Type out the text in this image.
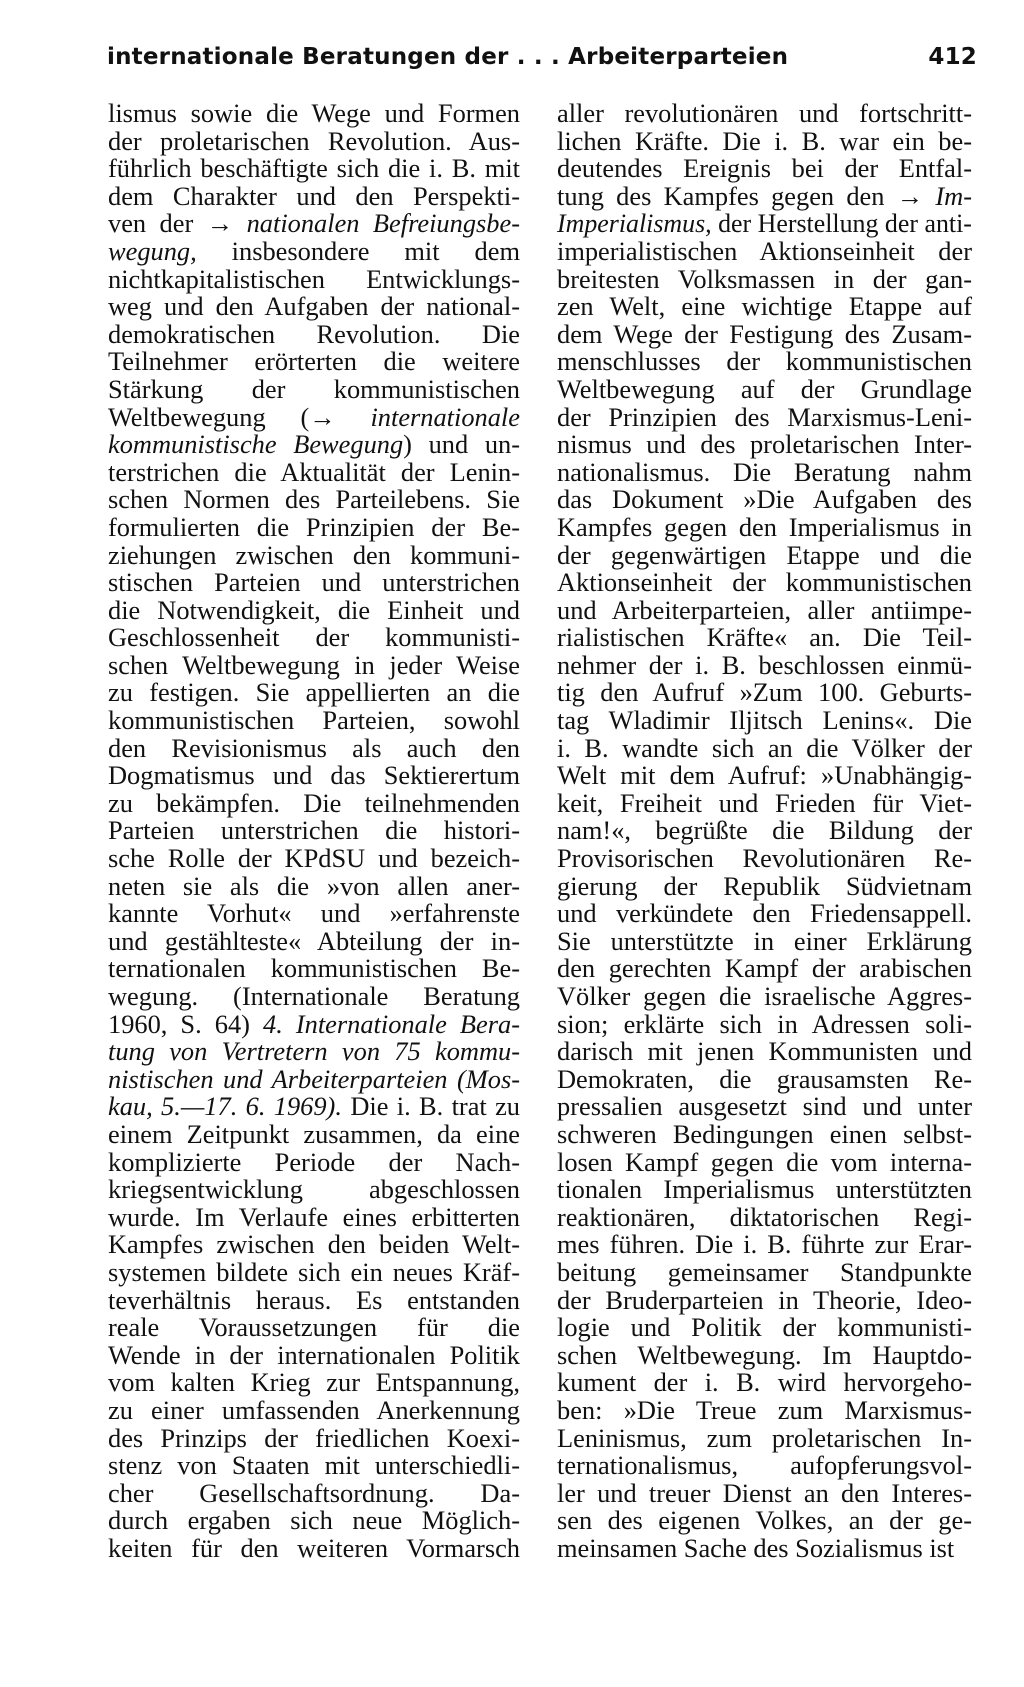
internationale Beratungen der . . . Arbeiterparteien	412
lismus sowie die Wege und Formen
der proletarischen Revolution. Aus-
führlich beschäftigte sich die i. B. mit
dem Charakter und den Perspekti-
ven der → nationalen Befreiungsbe-
wegung, insbesondere mit dem
nichtkapitalistischen Entwicklungs-
weg und den Aufgaben der national-
demokratischen Revolution. Die
Teilnehmer erörterten die weitere
Stärkung der kommunistischen
Weltbewegung (→ internationale
kommunistische Bewegung) und un-
terstrichen die Aktualität der Lenin-
schen Normen des Parteilebens. Sie
formulierten die Prinzipien der Be-
ziehungen zwischen den kommuni-
stischen Parteien und unterstrichen
die Notwendigkeit, die Einheit und
Geschlossenheit der kommunisti-
schen Weltbewegung in jeder Weise
zu festigen. Sie appellierten an die
kommunistischen Parteien, sowohl
den Revisionismus als auch den
Dogmatismus und das Sektierertum
zu bekämpfen. Die teilnehmenden
Parteien unterstrichen die histori-
sche Rolle der KPdSU und bezeich-
neten sie als die »von allen aner-
kannte Vorhut« und »erfahrenste
und gestählteste« Abteilung der in-
ternationalen kommunistischen Be-
wegung. (Internationale Beratung
1960, S. 64) 4. Internationale Bera-
tung von Vertretern von 75 kommu-
nistischen und Arbeiterparteien (Mos-
kau, 5.—17. 6. 1969). Die i. B. trat zu
einem Zeitpunkt zusammen, da eine
komplizierte Periode der Nach-
kriegsentwicklung abgeschlossen
wurde. Im Verlaufe eines erbitterten
Kampfes zwischen den beiden Welt-
systemen bildete sich ein neues Kräf-
teverhältnis heraus. Es entstanden
reale Voraussetzungen für die
Wende in der internationalen Politik
vom kalten Krieg zur Entspannung,
zu einer umfassenden Anerkennung
des Prinzips der friedlichen Koexi-
stenz von Staaten mit unterschiedli-
cher Gesellschaftsordnung. Da-
durch ergaben sich neue Möglich-
keiten für den weiteren Vormarsch
aller revolutionären und fortschritt-
lichen Kräfte. Die i. B. war ein be-
deutendes Ereignis bei der Entfal-
tung des Kampfes gegen den → Im-
Imperialismus, der Herstellung der anti-
imperialistischen Aktionseinheit der
breitesten Volksmassen in der gan-
zen Welt, eine wichtige Etappe auf
dem Wege der Festigung des Zusam-
menschlusses der kommunistischen
Weltbewegung auf der Grundlage
der Prinzipien des Marxismus-Leni-
nismus und des proletarischen Inter-
nationalismus. Die Beratung nahm
das Dokument »Die Aufgaben des
Kampfes gegen den Imperialismus in
der gegenwärtigen Etappe und die
Aktionseinheit der kommunistischen
und Arbeiterparteien, aller antiimpe-
rialistischen Kräfte« an. Die Teil-
nehmer der i. B. beschlossen einmü-
tig den Aufruf »Zum 100. Geburts-
tag Wladimir Iljitsch Lenins«. Die
i. B. wandte sich an die Völker der
Welt mit dem Aufruf: »Unabhängig-
keit, Freiheit und Frieden für Viet-
nam!«, begrüßte die Bildung der
Provisorischen Revolutionären Re-
gierung der Republik Südvietnam
und verkündete den Friedensappell.
Sie unterstützte in einer Erklärung
den gerechten Kampf der arabischen
Völker gegen die israelische Aggres-
sion; erklärte sich in Adressen soli-
darisch mit jenen Kommunisten und
Demokraten, die grausamsten Re-
pressalien ausgesetzt sind und unter
schweren Bedingungen einen selbst-
losen Kampf gegen die vom interna-
tionalen Imperialismus unterstützten
reaktionären, diktatorischen Regi-
mes führen. Die i. B. führte zur Erar-
beitung gemeinsamer Standpunkte
der Bruderparteien in Theorie, Ideo-
logie und Politik der kommunisti-
schen Weltbewegung. Im Hauptdo-
kument der i. B. wird hervorgeho-
ben: »Die Treue zum Marxismus-
Leninismus, zum proletarischen In-
ternationalismus, aufopferungsvol-
ler und treuer Dienst an den Interes-
sen des eigenen Volkes, an der ge-
meinsamen Sache des Sozialismus ist
